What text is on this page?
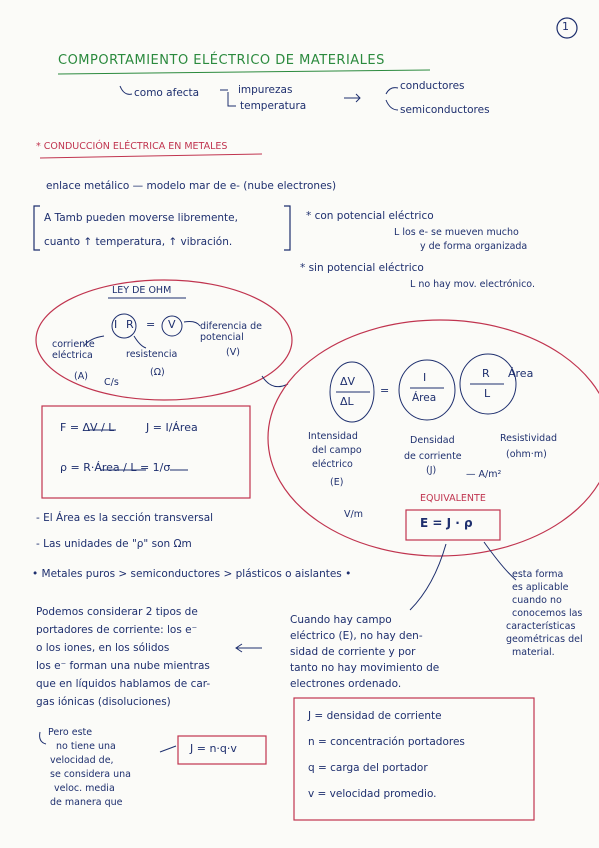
1
COMPORTAMIENTO ELÉCTRICO DE MATERIALES
como afecta	impurezas
temperatura
conductores
semiconductores
* CONDUCCIÓN ELÉCTRICA EN METALES
enlace metálico — modelo mar de e- (nube electrones)
A Tamb pueden moverse libremente,
cuanto ↑ temperatura, ↑ vibración.
* con potencial eléctrico
L los e- se mueven mucho
y de forma organizada
* sin potencial eléctrico
L no hay mov. electrónico.
LEY DE OHM
I R = V	diferencia de potencial
(V)
corriente eléctrica
(A)
C/s
resistencia
(Ω)
ΔV
ΔL
=
I
Área
R Área
L
Intensidad
del campo
eléctrico
(E)
V/m
Densidad
de corriente
(J)	— A/m²
Resistividad
(ohm·m)
EQUIVALENTE
E = J · ρ
F = ΔV / L	J = I/Área
ρ = R·Área / L = 1/σ
- El Área es la sección transversal
- Las unidades de "ρ" son Ωm
• Metales puros > semiconductores > plásticos o aislantes •	esta forma
es aplicable
cuando no
conocemos las
características
geométricas del
material.
Podemos considerar 2 tipos de
portadores de corriente: los e⁻
o los iones, en los sólidos
los e⁻ forman una nube mientras
que en líquidos hablamos de car-
gas iónicas (disoluciones)
Cuando hay campo
eléctrico (E), no hay den-
sidad de corriente y por
tanto no hay movimiento de
electrones ordenado.
Pero este
no tiene una
velocidad de,
se considera una
veloc. media
de manera que
J = n·q·v
J = densidad de corriente
n = concentración portadores
q = carga del portador
v = velocidad promedio.
